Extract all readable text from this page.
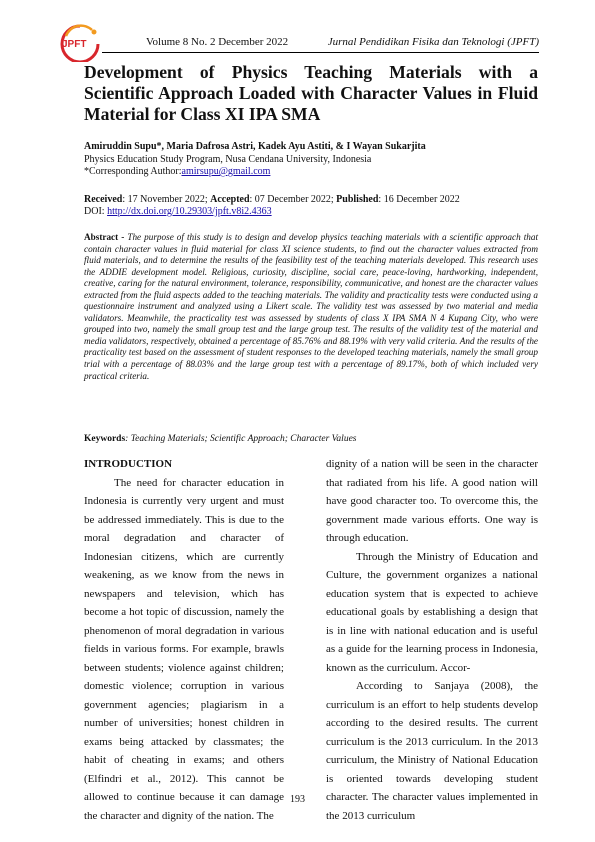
JPFT	Volume 8 No. 2 December 2022	Jurnal Pendidikan Fisika dan Teknologi (JPFT)
Development of Physics Teaching Materials with a
Scientific Approach Loaded with Character Values in Fluid
Material for Class XI IPA SMA
Amiruddin Supu*, Maria Dafrosa Astri, Kadek Ayu Astiti, & I Wayan Sukarjita
Physics Education Study Program, Nusa Cendana University, Indonesia
*Corresponding Author:amirsupu@gmail.com
Received: 17 November 2022; Accepted: 07 December 2022; Published: 16 December 2022
DOI: http://dx.doi.org/10.29303/jpft.v8i2.4363
Abstract - The purpose of this study is to design and develop physics teaching materials with a scientific approach that contain character values in fluid material for class XI science students, to find out the character values extracted from fluid materials, and to determine the results of the feasibility test of the teaching materials developed. This research uses the ADDIE development model. Religious, curiosity, discipline, social care, peace-loving, hardworking, independent, creative, caring for the natural environment, tolerance, responsibility, communicative, and honest are the character values extracted from the fluid aspects added to the teaching materials. The validity and practicality tests were conducted using a questionnaire instrument and analyzed using a Likert scale. The validity test was assessed by two material and media validators. Meanwhile, the practicality test was assessed by students of class X IPA SMA N 4 Kupang City, who were grouped into two, namely the small group test and the large group test. The results of the validity test of the material and media validators, respectively, obtained a percentage of 85.76% and 88.19% with very valid criteria. And the results of the practicality test based on the assessment of student responses to the developed teaching materials, namely the small group trial with a percentage of 88.03% and the large group test with a percentage of 89.17%, both of which included very practical criteria.
Keywords: Teaching Materials; Scientific Approach; Character Values
INTRODUCTION

The need for character education in Indonesia is currently very urgent and must be addressed immediately. This is due to the moral degradation and character of Indonesian citizens, which are currently weakening, as we know from the news in newspapers and television, which has become a hot topic of discussion, namely the phenomenon of moral degradation in various fields in various forms. For example, brawls between students; violence against children; domestic violence; corruption in various government agencies; plagiarism in a number of universities; honest children in exams being attacked by classmates; the habit of cheating in exams; and others (Elfindri et al., 2012). This cannot be allowed to continue because it can damage the character and dignity of the nation. The

dignity of a nation will be seen in the character that radiated from his life. A good nation will have good character too. To overcome this, the government made various efforts. One way is through education.

Through the Ministry of Education and Culture, the government organizes a national education system that is expected to achieve educational goals by establishing a design that is in line with national education and is useful as a guide for the learning process in Indonesia, known as the curriculum. Accor-

According to Sanjaya (2008), the curriculum is an effort to help students develop according to the desired results. The current curriculum is the 2013 curriculum. In the 2013 curriculum, the Ministry of National Education is oriented towards developing student character. The character values implemented in the 2013 curriculum

193
